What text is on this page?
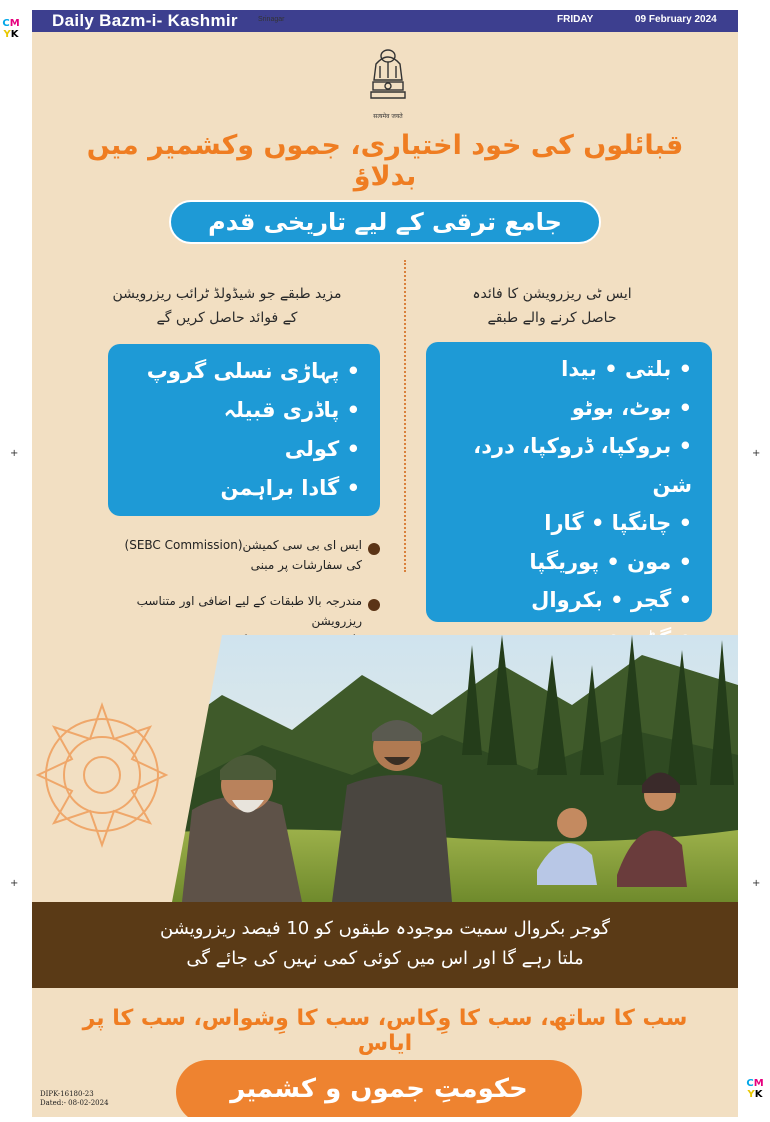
CM
YK
CM
YK
+	+
+	+
Daily Bazm-i- Kashmir	FRIDAY	09 February 2024
Srinagar
सत्यमेव जयते
قبائلوں کی خود اختیاری، جموں وکشمیر میں بدلاؤ
جامع ترقی کے لیے تاریخی قدم
مزید طبقے جو شیڈولڈ ٹرائب ریزرویشن
کے فوائد حاصل کریں گے
ایس ٹی ریزرویشن کا فائدہ
حاصل کرنے والے طبقے
• پہاڑی نسلی گروپ
• پاڈری قبیلہ
• کولی
• گادا براہمن
ایس ای بی سی کمیشن(SEBC Commission)
کی سفارشات پر مبنی
مندرجہ بالا طبقات کے لیے اضافی اور متناسب ریزرویشن
• بلتی • بیدا
• بوٹ، بوٹو
• بروکپا، ڈروکپا، درد، شن
• چانگپا • گارا
• مون • پوریگپا
• گجر • بکروال
گوجر بکروال سمیت موجودہ طبقوں کو 10 فیصد ریزرویشن
ملتا رہے گا اور اس میں کوئی کمی نہیں کی جائے گی
سب کا ساتھ، سب کا وِکاس، سب کا وِشواس، سب کا پر ایاس
حکومتِ جموں و کشمیر
DIPK-16180-23
Dated:- 08-02-2024
